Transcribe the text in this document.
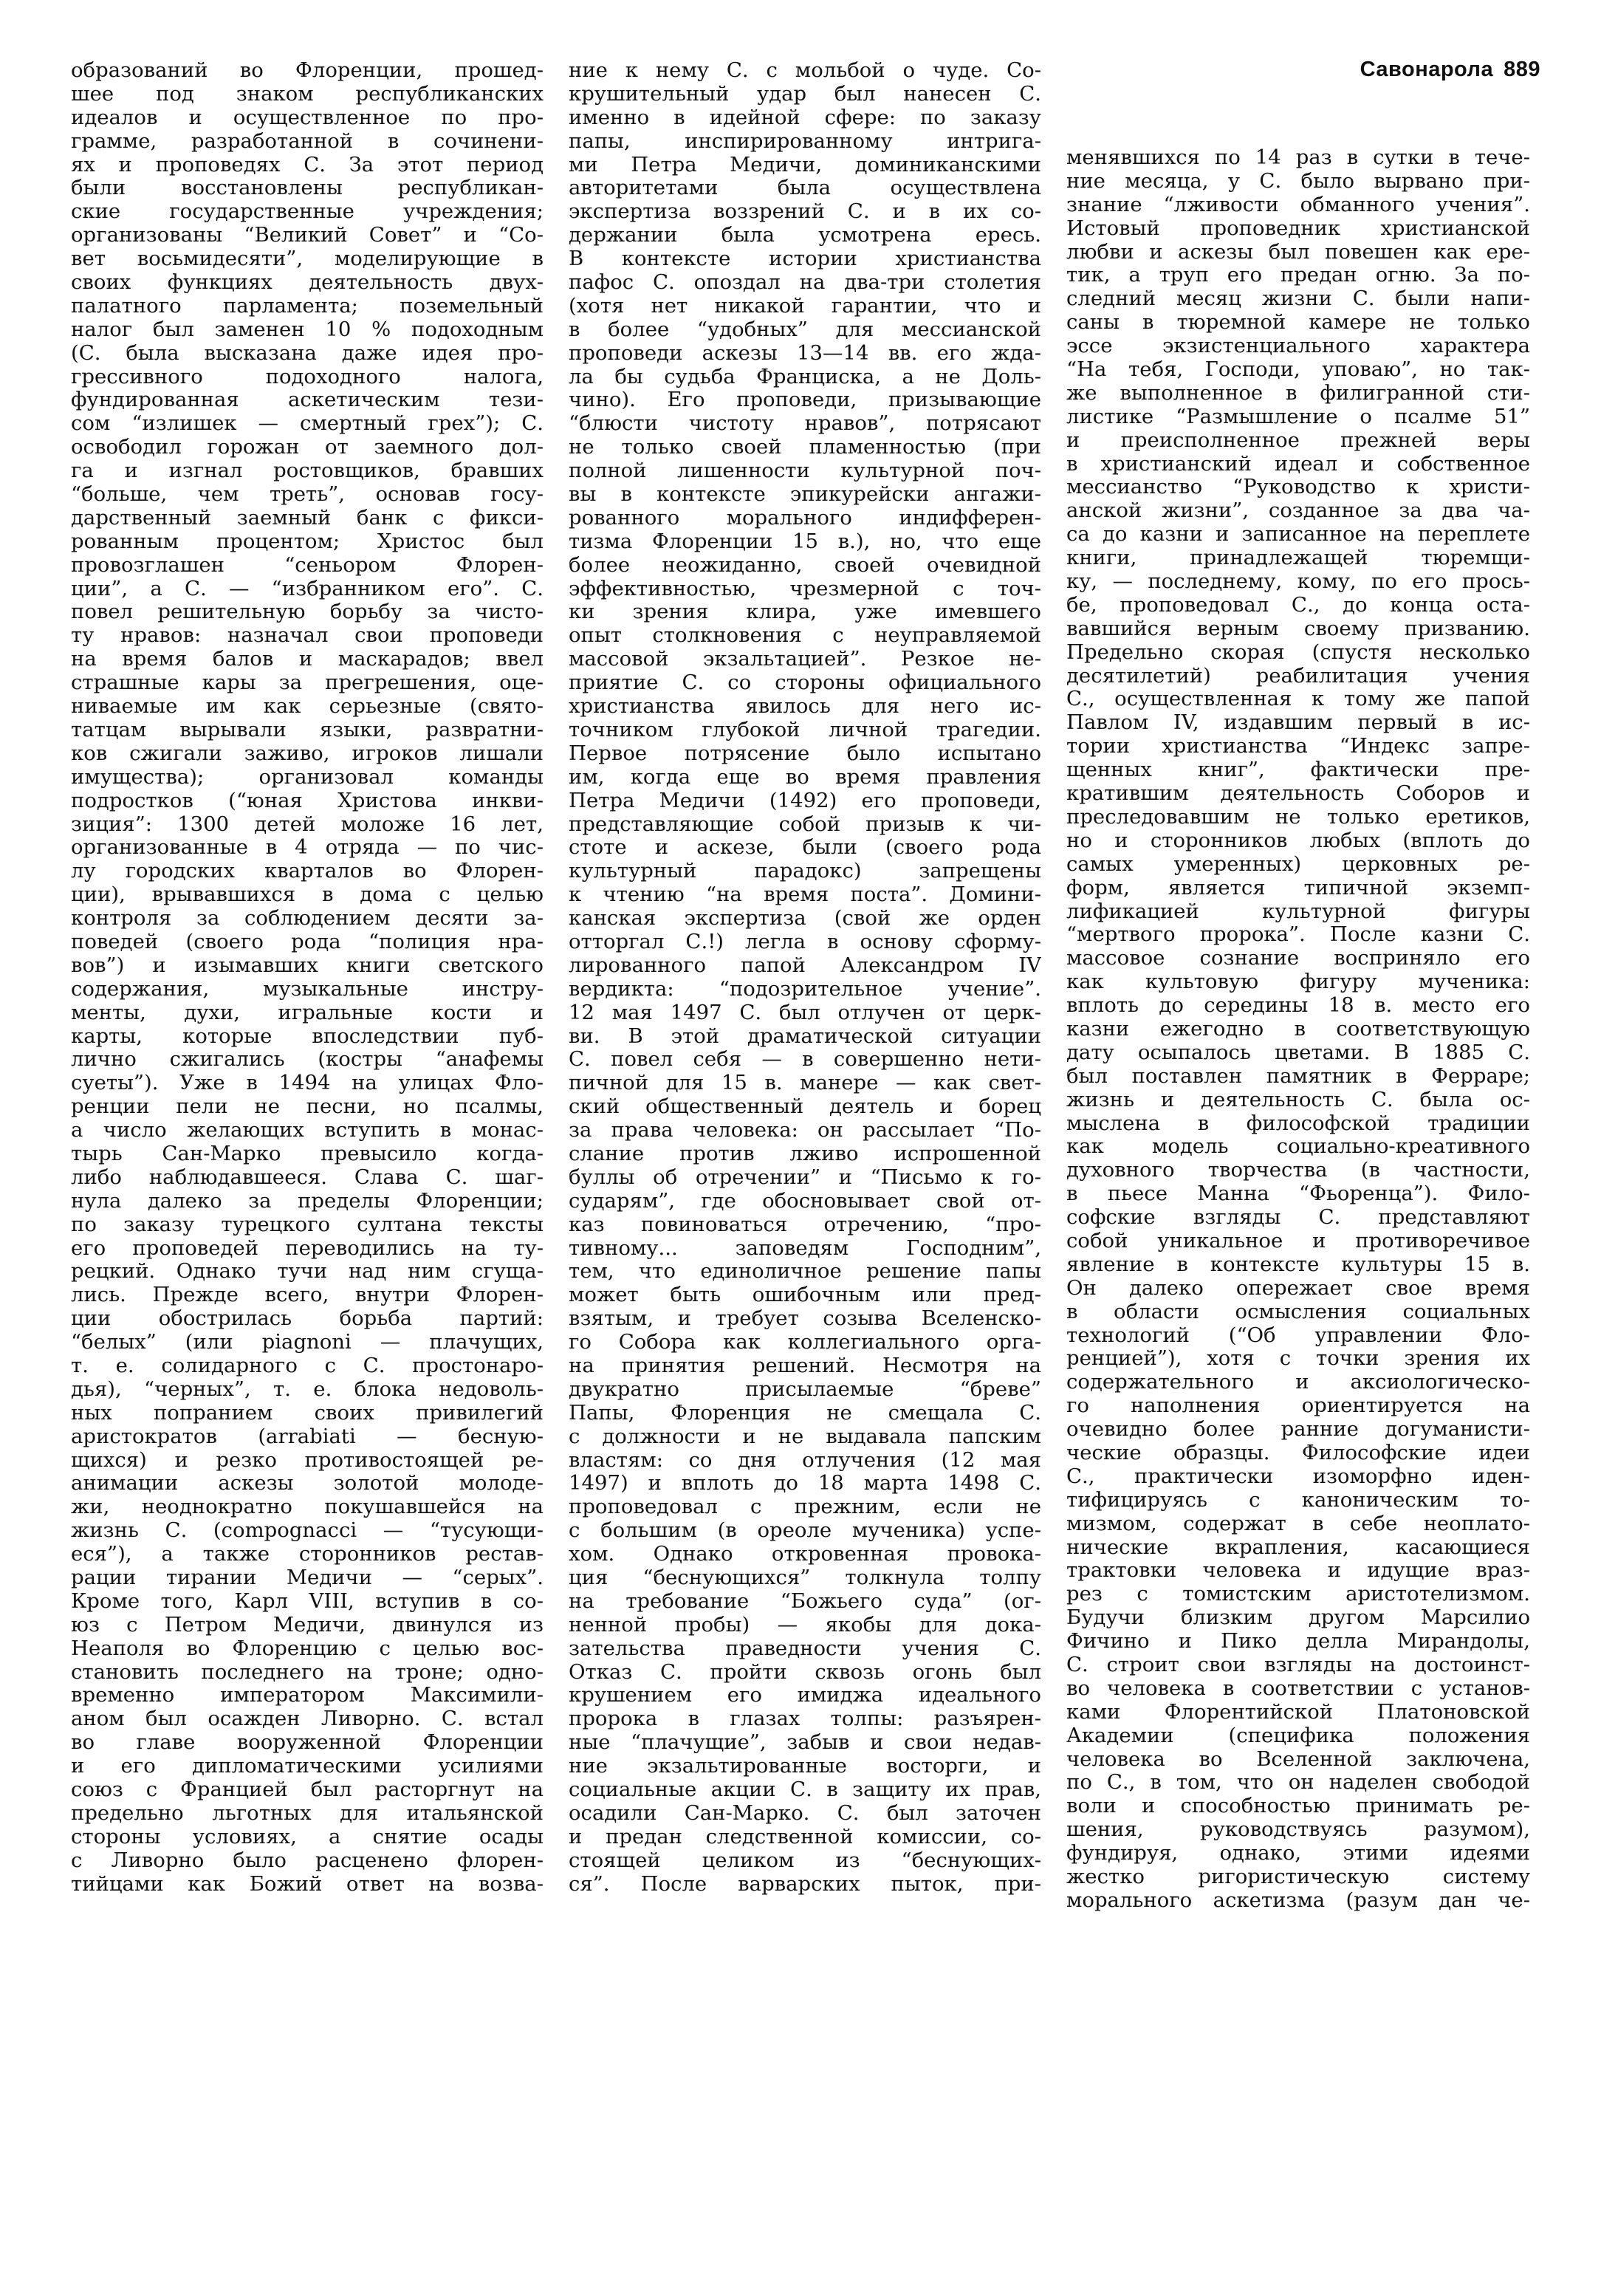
Савонарола 889
образований во Флоренции, прошед-
шее под знаком республиканских
идеалов и осуществленное по про-
грамме, разработанной в сочинени-
ях и проповедях С. За этот период
были восстановлены республикан-
ские государственные учреждения;
организованы “Великий Совет” и “Со-
вет восьмидесяти”, моделирующие в
своих функциях деятельность двух-
палатного парламента; поземельный
налог был заменен 10 % подоходным
(С. была высказана даже идея про-
грессивного подоходного налога,
фундированная аскетическим тези-
сом “излишек — смертный грех”); С.
освободил горожан от заемного дол-
га и изгнал ростовщиков, бравших
“больше, чем треть”, основав госу-
дарственный заемный банк с фикси-
рованным процентом; Христос был
провозглашен “сеньором Флорен-
ции”, а С. — “избранником его”. С.
повел решительную борьбу за чисто-
ту нравов: назначал свои проповеди
на время балов и маскарадов; ввел
страшные кары за прегрешения, оце-
ниваемые им как серьезные (свято-
татцам вырывали языки, развратни-
ков сжигали заживо, игроков лишали
имущества); организовал команды
подростков (“юная Христова инкви-
зиция”: 1300 детей моложе 16 лет,
организованные в 4 отряда — по чис-
лу городских кварталов во Флорен-
ции), врывавшихся в дома с целью
контроля за соблюдением десяти за-
поведей (своего рода “полиция нра-
вов”) и изымавших книги светского
содержания, музыкальные инстру-
менты, духи, игральные кости и
карты, которые впоследствии пуб-
лично сжигались (костры “анафемы
суеты”). Уже в 1494 на улицах Фло-
ренции пели не песни, но псалмы,
а число желающих вступить в монас-
тырь Сан-Марко превысило когда-
либо наблюдавшееся. Слава С. шаг-
нула далеко за пределы Флоренции;
по заказу турецкого султана тексты
его проповедей переводились на ту-
рецкий. Однако тучи над ним сгуща-
лись. Прежде всего, внутри Флорен-
ции обострилась борьба партий:
“белых” (или piagnoni — плачущих,
т. е. солидарного с С. простонаро-
дья), “черных”, т. е. блока недоволь-
ных попранием своих привилегий
аристократов (arrabiati — бесную-
щихся) и резко противостоящей ре-
анимации аскезы золотой молоде-
жи, неоднократно покушавшейся на
жизнь С. (compognacci — “тусующи-
еся”), а также сторонников рестав-
рации тирании Медичи — “серых”.
Кроме того, Карл VIII, вступив в со-
юз с Петром Медичи, двинулся из
Неаполя во Флоренцию с целью вос-
становить последнего на троне; одно-
временно императором Максимили-
аном был осажден Ливорно. С. встал
во главе вооруженной Флоренции
и его дипломатическими усилиями
союз с Францией был расторгнут на
предельно льготных для итальянской
стороны условиях, а снятие осады
с Ливорно было расценено флорен-
тийцами как Божий ответ на возва-
ние к нему С. с мольбой о чуде. Со-
крушительный удар был нанесен С.
именно в идейной сфере: по заказу
папы, инспирированному интрига-
ми Петра Медичи, доминиканскими
авторитетами была осуществлена
экспертиза воззрений С. и в их со-
держании была усмотрена ересь.
В контексте истории христианства
пафос С. опоздал на два-три столетия
(хотя нет никакой гарантии, что и
в более “удобных” для мессианской
проповеди аскезы 13—14 вв. его жда-
ла бы судьба Франциска, а не Доль-
чино). Его проповеди, призывающие
“блюсти чистоту нравов”, потрясают
не только своей пламенностью (при
полной лишенности культурной поч-
вы в контексте эпикурейски ангажи-
рованного морального индифферен-
тизма Флоренции 15 в.), но, что еще
более неожиданно, своей очевидной
эффективностью, чрезмерной с точ-
ки зрения клира, уже имевшего
опыт столкновения с неуправляемой
массовой экзальтацией”. Резкое не-
приятие С. со стороны официального
христианства явилось для него ис-
точником глубокой личной трагедии.
Первое потрясение было испытано
им, когда еще во время правления
Петра Медичи (1492) его проповеди,
представляющие собой призыв к чи-
стоте и аскезе, были (своего рода
культурный парадокс) запрещены
к чтению “на время поста”. Домини-
канская экспертиза (свой же орден
отторгал С.!) легла в основу сформу-
лированного папой Александром IV
вердикта: “подозрительное учение”.
12 мая 1497 С. был отлучен от церк-
ви. В этой драматической ситуации
С. повел себя — в совершенно нети-
пичной для 15 в. манере — как свет-
ский общественный деятель и борец
за права человека: он рассылает “По-
слание против лживо испрошенной
буллы об отречении” и “Письмо к го-
сударям”, где обосновывает свой от-
каз повиноваться отречению, “про-
тивному... заповедям Господним”,
тем, что единоличное решение папы
может быть ошибочным или пред-
взятым, и требует созыва Вселенско-
го Собора как коллегиального орга-
на принятия решений. Несмотря на
двукратно присылаемые “бреве”
Папы, Флоренция не смещала С.
с должности и не выдавала папским
властям: со дня отлучения (12 мая
1497) и вплоть до 18 марта 1498 С.
проповедовал с прежним, если не
с большим (в ореоле мученика) успе-
хом. Однако откровенная провока-
ция “беснующихся” толкнула толпу
на требование “Божьего суда” (ог-
ненной пробы) — якобы для дока-
зательства праведности учения С.
Отказ С. пройти сквозь огонь был
крушением его имиджа идеального
пророка в глазах толпы: разъярен-
ные “плачущие”, забыв и свои недав-
ние экзальтированные восторги, и
социальные акции С. в защиту их прав,
осадили Сан-Марко. С. был заточен
и предан следственной комиссии, со-
стоящей целиком из “беснующих-
ся”. После варварских пыток, при-
менявшихся по 14 раз в сутки в тече-
ние месяца, у С. было вырвано при-
знание “лживости обманного учения”.
Истовый проповедник христианской
любви и аскезы был повешен как ере-
тик, а труп его предан огню. За по-
следний месяц жизни С. были напи-
саны в тюремной камере не только
эссе экзистенциального характера
“На тебя, Господи, уповаю”, но так-
же выполненное в филигранной сти-
листике “Размышление о псалме 51”
и преисполненное прежней веры
в христианский идеал и собственное
мессианство “Руководство к христи-
анской жизни”, созданное за два ча-
са до казни и записанное на переплете
книги, принадлежащей тюремщи-
ку, — последнему, кому, по его прось-
бе, проповедовал С., до конца оста-
вавшийся верным своему призванию.
Предельно скорая (спустя несколько
десятилетий) реабилитация учения
С., осуществленная к тому же папой
Павлом IV, издавшим первый в ис-
тории христианства “Индекс запре-
щенных книг”, фактически пре-
кратившим деятельность Соборов и
преследовавшим не только еретиков,
но и сторонников любых (вплоть до
самых умеренных) церковных ре-
форм, является типичной экземп-
лификацией культурной фигуры
“мертвого пророка”. После казни С.
массовое сознание восприняло его
как культовую фигуру мученика:
вплоть до середины 18 в. место его
казни ежегодно в соответствующую
дату осыпалось цветами. В 1885 С.
был поставлен памятник в Ферраре;
жизнь и деятельность С. была ос-
мыслена в философской традиции
как модель социально-креативного
духовного творчества (в частности,
в пьесе Манна “Фьоренца”). Фило-
софские взгляды С. представляют
собой уникальное и противоречивое
явление в контексте культуры 15 в.
Он далеко опережает свое время
в области осмысления социальных
технологий (“Об управлении Фло-
ренцией”), хотя с точки зрения их
содержательного и аксиологическо-
го наполнения ориентируется на
очевидно более ранние догуманисти-
ческие образцы. Философские идеи
С., практически изоморфно иден-
тифицируясь с каноническим то-
мизмом, содержат в себе неоплато-
нические вкрапления, касающиеся
трактовки человека и идущие враз-
рез с томистским аристотелизмом.
Будучи близким другом Марсилио
Фичино и Пико делла Мирандолы,
С. строит свои взгляды на достоинст-
во человека в соответствии с установ-
ками Флорентийской Платоновской
Академии (специфика положения
человека во Вселенной заключена,
по С., в том, что он наделен свободой
воли и способностью принимать ре-
шения, руководствуясь разумом),
фундируя, однако, этими идеями
жестко ригористическую систему
морального аскетизма (разум дан че-
